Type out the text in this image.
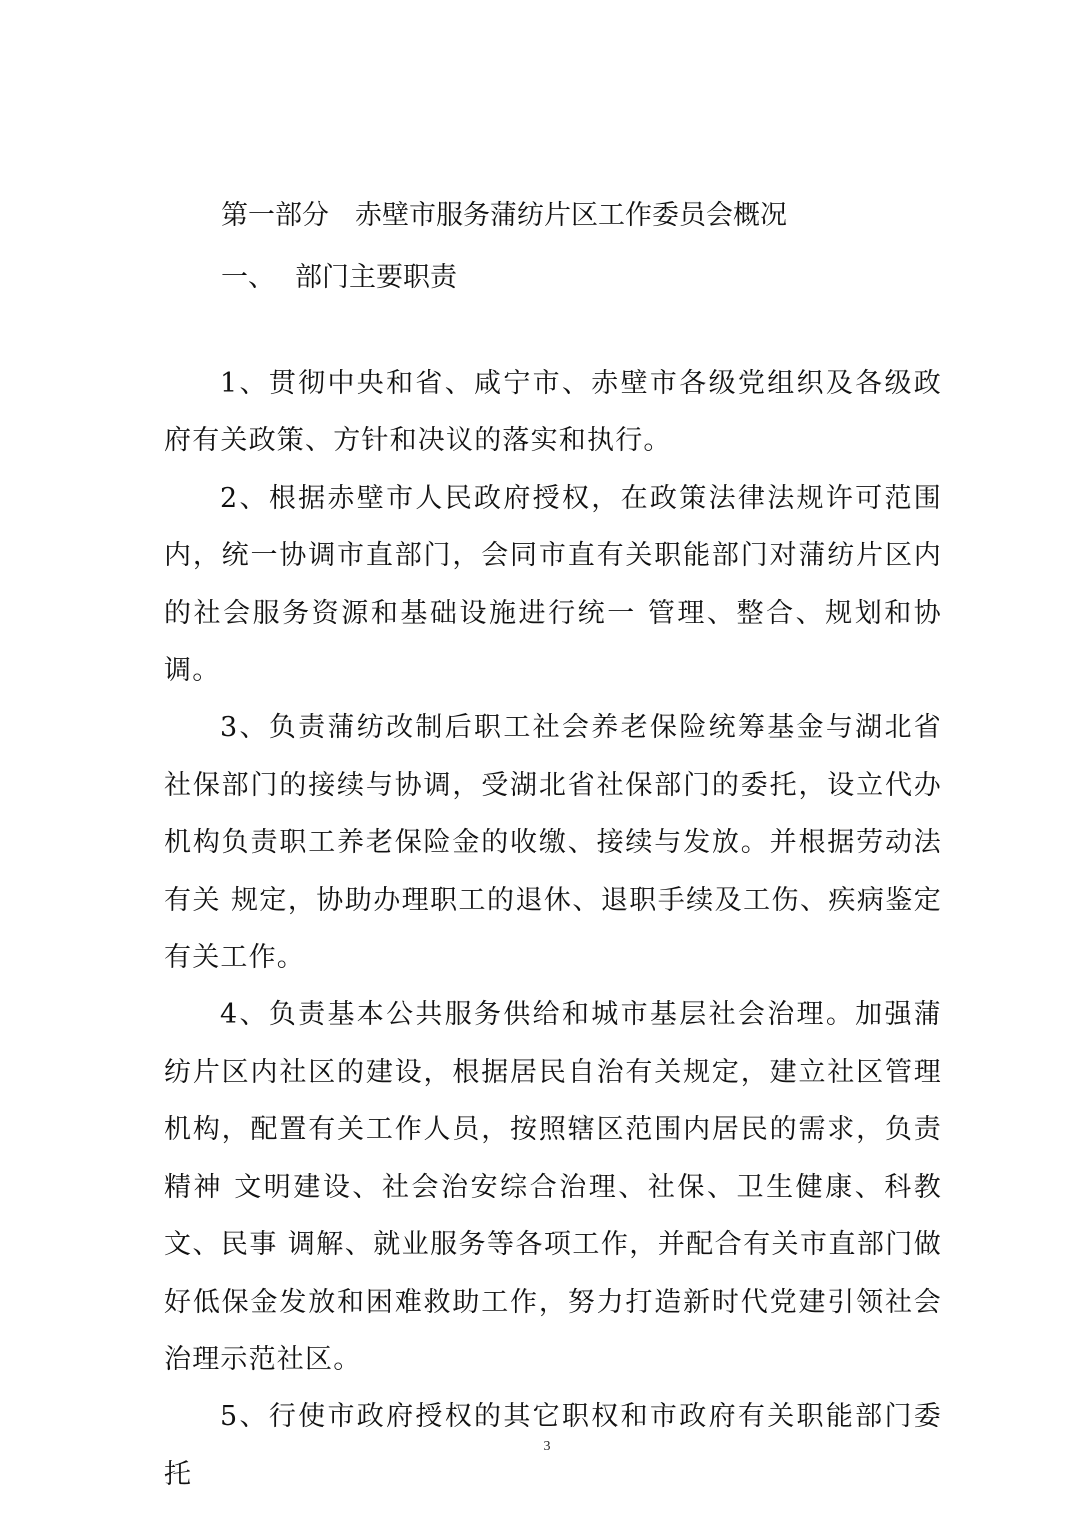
第一部分 赤壁市服务蒲纺片区工作委员会概况
一、 部门主要职责

1、贯彻中央和省、咸宁市、赤壁市各级党组织及各级政府有关政策、方针和决议的落实和执行。

2、根据赤壁市人民政府授权，在政策法律法规许可范围内，统一协调市直部门，会同市直有关职能部门对蒲纺片区内的社会服务资源和基础设施进行统一 管理、整合、规划和协调。

3、负责蒲纺改制后职工社会养老保险统筹基金与湖北省社保部门的接续与协调，受湖北省社保部门的委托，设立代办机构负责职工养老保险金的收缴、接续与发放。并根据劳动法有关 规定，协助办理职工的退休、退职手续及工伤、疾病鉴定有关工作。

4、负责基本公共服务供给和城市基层社会治理。加强蒲 纺片区内社区的建设，根据居民自治有关规定，建立社区管理机构，配置有关工作人员，按照辖区范围内居民的需求，负责精神 文明建设、社会治安综合治理、社保、卫生健康、科教文、民事 调解、就业服务等各项工作，并配合有关市直部门做好低保金发放和困难救助工作，努力打造新时代党建引领社会治理示范社区。

5、行使市政府授权的其它职权和市政府有关职能部门委托

3
